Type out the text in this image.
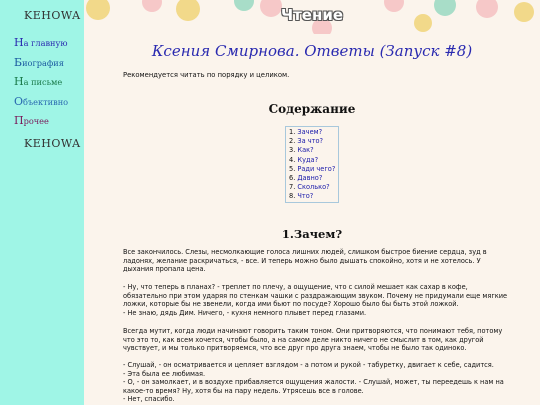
KЕНОWA
На главную
Биография
На письме
Объективно
Прочее
KЕНОWA
Чтение
Ксения Смирнова. Ответы (Запуск #8)
Рекомендуется читать по порядку и целиком.
Содержание
1. Зачем?
2. За что?
3. Как?
4. Куда?
5. Ради чего?
6. Давно?
7. Сколько?
8. Что?
1.Зачем?

Все закончилось. Слезы, несмолкающие голоса лишних людей, слишком быстрое биение сердца, зуд в ладонях, желание раскричаться, - все. И теперь можно было дышать спокойно, хотя и не хотелось. У дыхания пропала цена.

- Ну, что теперь в планах? - треплет по плечу, а ощущение, что с силой мешает как сахар в кофе, обязательно при этом ударяя по стенкам чашки с раздражающим звуком. Почему не придумали еще мягкие ложки, которые бы не звенели, когда ими бьют по посуде? Хорошо было бы быть этой ложкой.

- Не знаю, дядь Дим. Ничего, - кухня немного плывет перед глазами.

Всегда мутит, когда люди начинают говорить таким тоном. Они притворяются, что понимают тебя, потому что это то, как всем хочется, чтобы было, а на самом деле никто ничего не смыслит в том, как другой чувствует, и мы только притворяемся, что все друг про друга знаем, чтобы не было так одиноко.

- Слушай, - он осматривается и цепляет взглядом - а потом и рукой - табуретку, двигает к себе, садится.

- Эта была ее любимая.

- О, - он замолкает, и в воздухе прибавляется ощущения жалости. - Слушай, может, ты переедешь к нам на какое-то время? Ну, хотя бы на пару недель. Утрясешь все в голове.

- Нет, спасибо.
